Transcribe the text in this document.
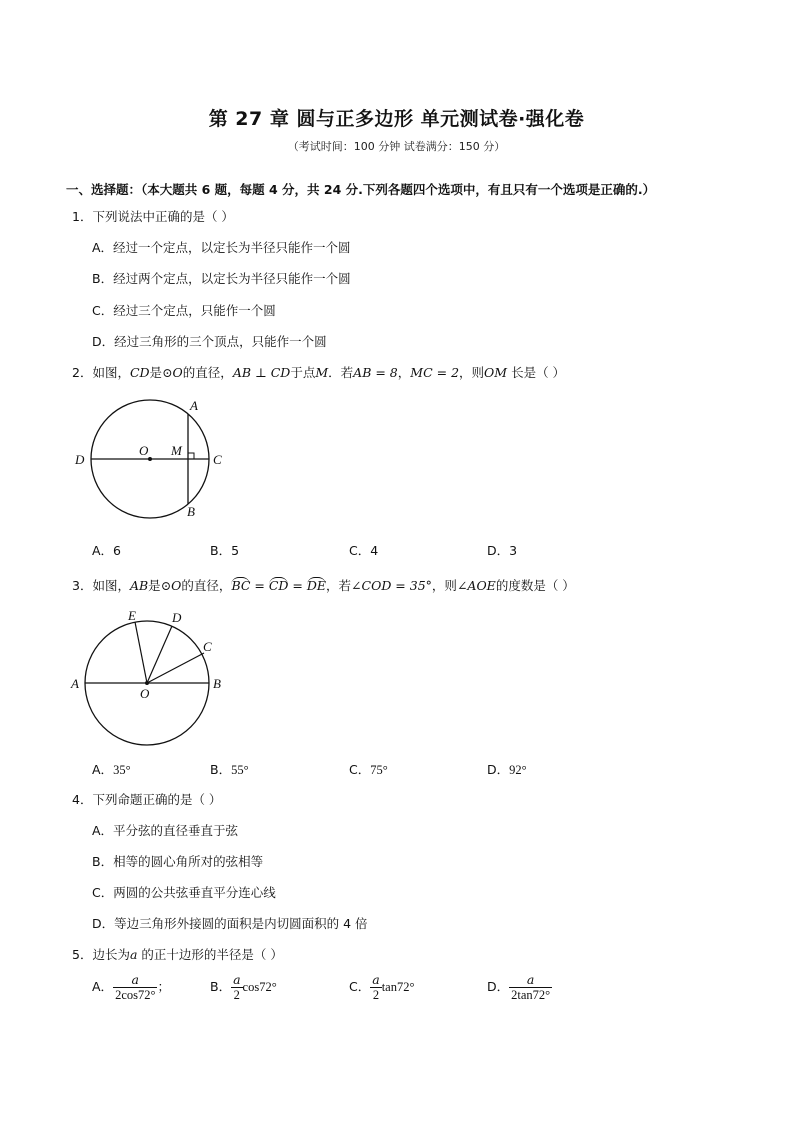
第 27 章 圆与正多边形 单元测试卷·强化卷
（考试时间：100 分钟 试卷满分：150 分）
一、选择题：（本大题共 6 题，每题 4 分，共 24 分.下列各题四个选项中，有且只有一个选项是正确的.）
1．下列说法中正确的是（ ）
A．经过一个定点，以定长为半径只能作一个圆
B．经过两个定点，以定长为半径只能作一个圆
C．经过三个定点，只能作一个圆
D．经过三角形的三个顶点，只能作一个圆
2．如图，CD是⊙O的直径，AB ⊥ CD于点M．若AB = 8，MC = 2，则OM 长是（ ）
A
B
C
D
O M
A．6	B．5	C．4	D．3
3．如图，AB是⊙O的直径，BC = CD = DE，若∠COD = 35°，则∠AOE的度数是（ ）
A	B
C
D
E
O
A．35°	B．55°	C．75°	D．92°
4．下列命题正确的是（ ）
A．平分弦的直径垂直于弦
B．相等的圆心角所对的弦相等
C．两圆的公共弦垂直平分连心线
D．等边三角形外接圆的面积是内切圆面积的 4 倍
5．边长为a 的正十边形的半径是（ ）
A． $\frac{a}{2\cos 72^\circ}$ ；	B． $\frac{a}{2} \cos 72^\circ$	C． $\frac{a}{2} \tan 72^\circ$	D． $\frac{a}{2\tan 72^\circ}$
